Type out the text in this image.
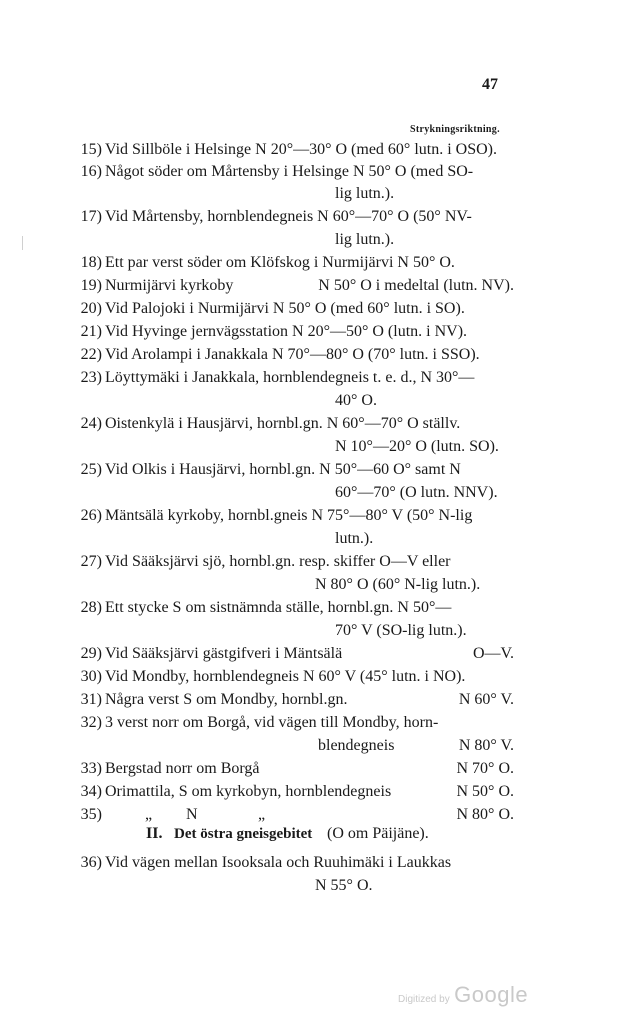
47
Strykningsriktning.
15) Vid Sillböle i Helsinge N 20°—30° O (med 60° lutn. i OSO).
16) Något söder om Mårtensby i Helsinge N 50° O (med SO-
lig lutn.).
17) Vid Mårtensby, hornblendegneis N 60°—70° O (50° NV-
lig lutn.).
18) Ett par verst söder om Klöfskog i Nurmijärvi N 50° O.
19) Nurmijärvi kyrkoby	N 50° O i medeltal (lutn. NV).
20) Vid Palojoki i Nurmijärvi N 50° O (med 60° lutn. i SO).
21) Vid Hyvinge jernvägsstation N 20°—50° O (lutn. i NV).
22) Vid Arolampi i Janakkala N 70°—80° O (70° lutn. i SSO).
23) Löyttymäki i Janakkala, hornblendegneis t. e. d., N 30°—
40° O.
24) Oistenkylä i Hausjärvi, hornbl.gn. N 60°—70° O ställv.
N 10°—20° O (lutn. SO).
25) Vid Olkis i Hausjärvi, hornbl.gn. N 50°—60 O° samt N
60°—70° (O lutn. NNV).
26) Mäntsälä kyrkoby, hornbl.gneis N 75°—80° V (50° N-lig
lutn.).
27) Vid Sääksjärvi sjö, hornbl.gn. resp. skiffer O—V eller
N 80° O (60° N-lig lutn.).
28) Ett stycke S om sistnämnda ställe, hornbl.gn. N 50°—
70° V (SO-lig lutn.).
29) Vid Sääksjärvi gästgifveri i Mäntsälä	O—V.
30) Vid Mondby, hornblendegneis N 60° V (45° lutn. i NO).
31) Några verst S om Mondby, hornbl.gn.	N 60° V.
32) 3 verst norr om Borgå, vid vägen till Mondby, horn-
blendegneis	N 80° V.
33) Bergstad norr om Borgå	N 70° O.
34) Orimattila, S om kyrkobyn, hornblendegneis	N 50° O.
35)	„ N	„	N 80° O.
II. Det östra gneisgebitet (O om Päijäne).
36) Vid vägen mellan Isooksala och Ruuhimäki i Laukkas
N 55° O.
Digitized by Google
